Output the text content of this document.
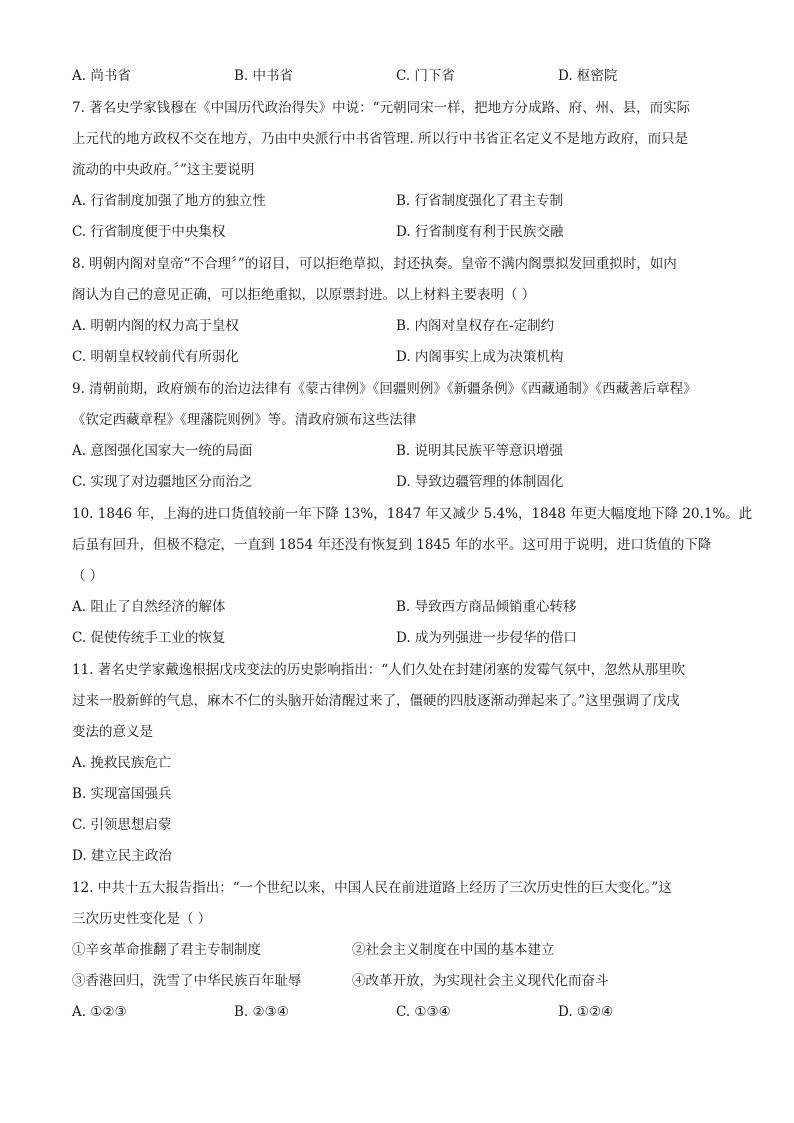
A. 尚书省	B. 中书省	C. 门下省	D. 枢密院
7. 著名史学家钱穆在《中国历代政治得失》中说：“元朝同宋一样，把地方分成路、府、州、县，而实际
上元代的地方政权不交在地方，乃由中央派行中书省管理. 所以行中书省正名定义不是地方政府，而只是
流动的中央政府。〞”这主要说明
A. 行省制度加强了地方的独立性	B. 行省制度强化了君主专制
C. 行省制度便于中央集权	D. 行省制度有利于民族交融
8. 明朝内阁对皇帝“不合理〞”的诏目，可以拒绝草拟，封还执奏。皇帝不满内阁票拟发回重拟时，如内
阁认为自己的意见正确，可以拒绝重拟，以原票封进。以上材料主要表明（ ）
A. 明朝内阁的权力高于皇权	B. 内阁对皇权存在-定制约
C. 明朝皇权较前代有所弱化	D. 内阁事实上成为决策机构
9. 清朝前期，政府颁布的治边法律有《蒙古律例》《回疆则例》《新疆条例》《西藏通制》《西藏善后章程》
《钦定西藏章程》《理藩院则例》等。清政府颁布这些法律
A. 意图强化国家大一统的局面	B. 说明其民族平等意识增强
C. 实现了对边疆地区分而治之	D. 导致边疆管理的体制固化
10. 1846 年，上海的进口货值较前一年下降 13%，1847 年又减少 5.4%，1848 年更大幅度地下降 20.1%。此
后虽有回升，但极不稳定，一直到 1854 年还没有恢复到 1845 年的水平。这可用于说明，进口货值的下降
（ ）
A. 阻止了自然经济的解体	B. 导致西方商品倾销重心转移
C. 促使传统手工业的恢复	D. 成为列强进一步侵华的借口
11. 著名史学家戴逸根据戊戌变法的历史影响指出：“人们久处在封建闭塞的发霉气氛中，忽然从那里吹
过来一股新鲜的气息，麻木不仁的头脑开始清醒过来了，僵硬的四肢逐渐动弹起来了。”这里强调了戊戌
变法的意义是
A. 挽救民族危亡
B. 实现富国强兵
C. 引领思想启蒙
D. 建立民主政治
12. 中共十五大报告指出：“一个世纪以来，中国人民在前进道路上经历了三次历史性的巨大变化。”这
三次历史性变化是（ ）
①辛亥革命推翻了君主专制制度	②社会主义制度在中国的基本建立
③香港回归，洗雪了中华民族百年耻辱	④改革开放，为实现社会主义现代化而奋斗
A. ①②③	B. ②③④	C. ①③④	D. ①②④
